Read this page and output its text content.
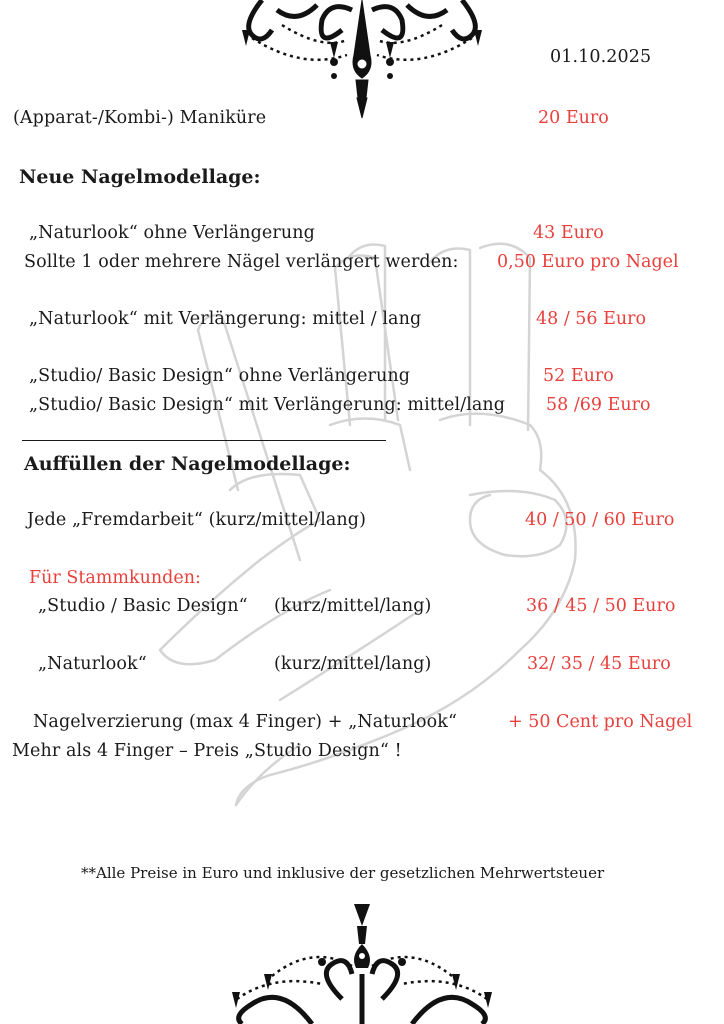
01.10.2025
(Apparat-/Kombi-) Maniküre	20 Euro
Neue Nagelmodellage:
„Naturlook“ ohne Verlängerung	43 Euro
Sollte 1 oder mehrere Nägel verlängert werden: 0,50 Euro pro Nagel
„Naturlook“ mit Verlängerung: mittel / lang	48 / 56 Euro
„Studio/ Basic Design“ ohne Verlängerung	52 Euro
„Studio/ Basic Design“ mit Verlängerung: mittel/lang 58 /69 Euro
Auffüllen der Nagelmodellage:
Jede „Fremdarbeit“ (kurz/mittel/lang)	40 / 50 / 60 Euro
Für Stammkunden:
„Studio / Basic Design“ (kurz/mittel/lang)	36 / 45 / 50 Euro
„Naturlook“	(kurz/mittel/lang)	32/ 35 / 45 Euro
Nagelverzierung (max 4 Finger) + „Naturlook“	+ 50 Cent pro Nagel
Mehr als 4 Finger – Preis „Studio Design“ !
**Alle Preise in Euro und inklusive der gesetzlichen Mehrwertsteuer
